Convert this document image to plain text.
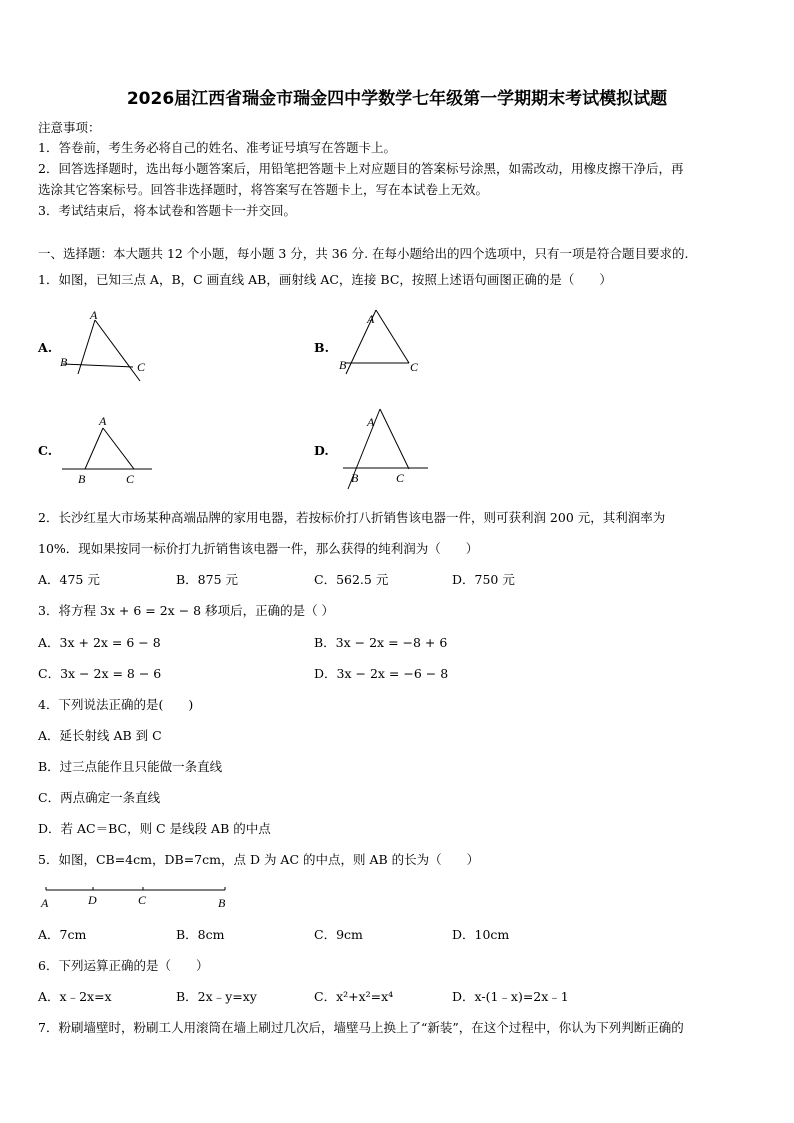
2026届江西省瑞金市瑞金四中学数学七年级第一学期期末考试模拟试题
注意事项：
1．答卷前，考生务必将自己的姓名、准考证号填写在答题卡上。
2．回答选择题时，选出每小题答案后，用铅笔把答题卡上对应题目的答案标号涂黑，如需改动，用橡皮擦干净后，再
选涂其它答案标号。回答非选择题时，将答案写在答题卡上，写在本试卷上无效。
3．考试结束后，将本试卷和答题卡一并交回。
一、选择题：本大题共 12 个小题，每小题 3 分，共 36 分. 在每小题给出的四个选项中，只有一项是符合题目要求的.
1．如图，已知三点 A，B，C 画直线 AB，画射线 AC，连接 BC，按照上述语句画图正确的是（　　）
A.
A
B	C
B.
A
B	C
C.
A
B	C
D.
A
B	C
2．长沙红星大市场某种高端品牌的家用电器，若按标价打八折销售该电器一件，则可获利润 200 元，其利润率为
10%．现如果按同一标价打九折销售该电器一件，那么获得的纯利润为（　　）
A．475 元	B．875 元	C．562.5 元	D．750 元
3．将方程 3x + 6 = 2x − 8 移项后，正确的是（ ）
A．3x + 2x = 6 − 8	B．3x − 2x = −8 + 6
C．3x − 2x = 8 − 6	D．3x − 2x = −6 − 8
4．下列说法正确的是(　　)
A．延长射线 AB 到 C
B．过三点能作且只能做一条直线
C．两点确定一条直线
D．若 AC＝BC，则 C 是线段 AB 的中点
5．如图，CB=4cm，DB=7cm，点 D 为 AC 的中点，则 AB 的长为（　　）
A	D	C	B
A．7cm	B．8cm	C．9cm	D．10cm
6．下列运算正确的是（　　）
A．x﹣2x=x	B．2x﹣y=xy	C．x²+x²=x⁴	D．x-(1﹣x)=2x﹣1
7．粉刷墙壁时，粉刷工人用滚筒在墙上刷过几次后，墙壁马上换上了“新装”，在这个过程中，你认为下列判断正确的
